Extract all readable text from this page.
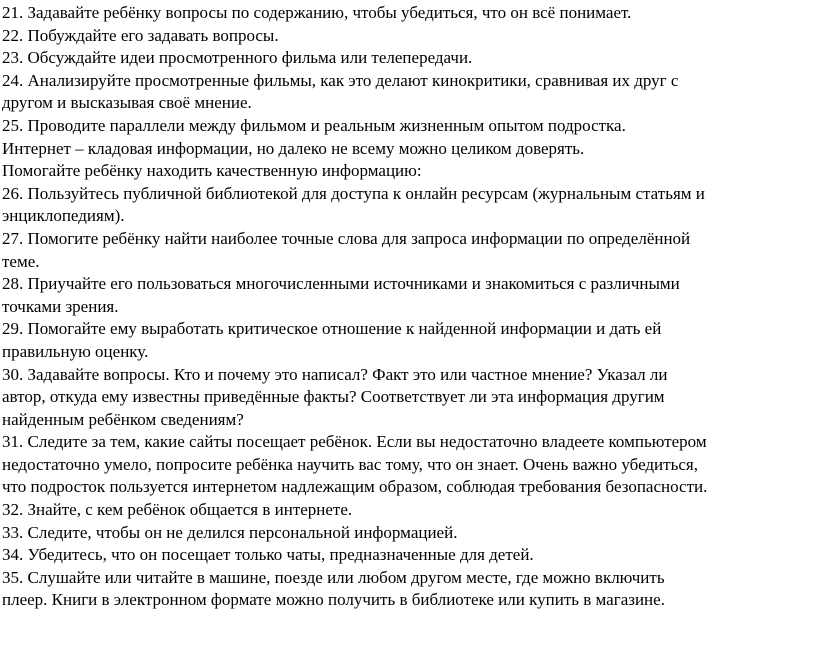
21. Задавайте ребёнку вопросы по содержанию, чтобы убедиться, что он всё понимает.
22. Побуждайте его задавать вопросы.
23. Обсуждайте идеи просмотренного фильма или телепередачи.
24. Анализируйте просмотренные фильмы, как это делают кинокритики, сравнивая их друг с
другом и высказывая своё мнение.
25. Проводите параллели между фильмом и реальным жизненным опытом подростка.
Интернет – кладовая информации, но далеко не всему можно целиком доверять.
Помогайте ребёнку находить качественную информацию:
26. Пользуйтесь публичной библиотекой для доступа к онлайн ресурсам (журнальным статьям и
энциклопедиям).
27. Помогите ребёнку найти наиболее точные слова для запроса информации по определённой
теме.
28. Приучайте его пользоваться многочисленными источниками и знакомиться с различными
точками зрения.
29. Помогайте ему выработать критическое отношение к найденной информации и дать ей
правильную оценку.
30. Задавайте вопросы. Кто и почему это написал? Факт это или частное мнение? Указал ли
автор, откуда ему известны приведённые факты? Соответствует ли эта информация другим
найденным ребёнком сведениям?
31. Следите за тем, какие сайты посещает ребёнок. Если вы недостаточно владеете компьютером
недостаточно умело, попросите ребёнка научить вас тому, что он знает. Очень важно убедиться,
что подросток пользуется интернетом надлежащим образом, соблюдая требования безопасности.
32. Знайте, с кем ребёнок общается в интернете.
33. Следите, чтобы он не делился персональной информацией.
34. Убедитесь, что он посещает только чаты, предназначенные для детей.
35. Слушайте или читайте в машине, поезде или любом другом месте, где можно включить
плеер. Книги в электронном формате можно получить в библиотеке или купить в магазине.
